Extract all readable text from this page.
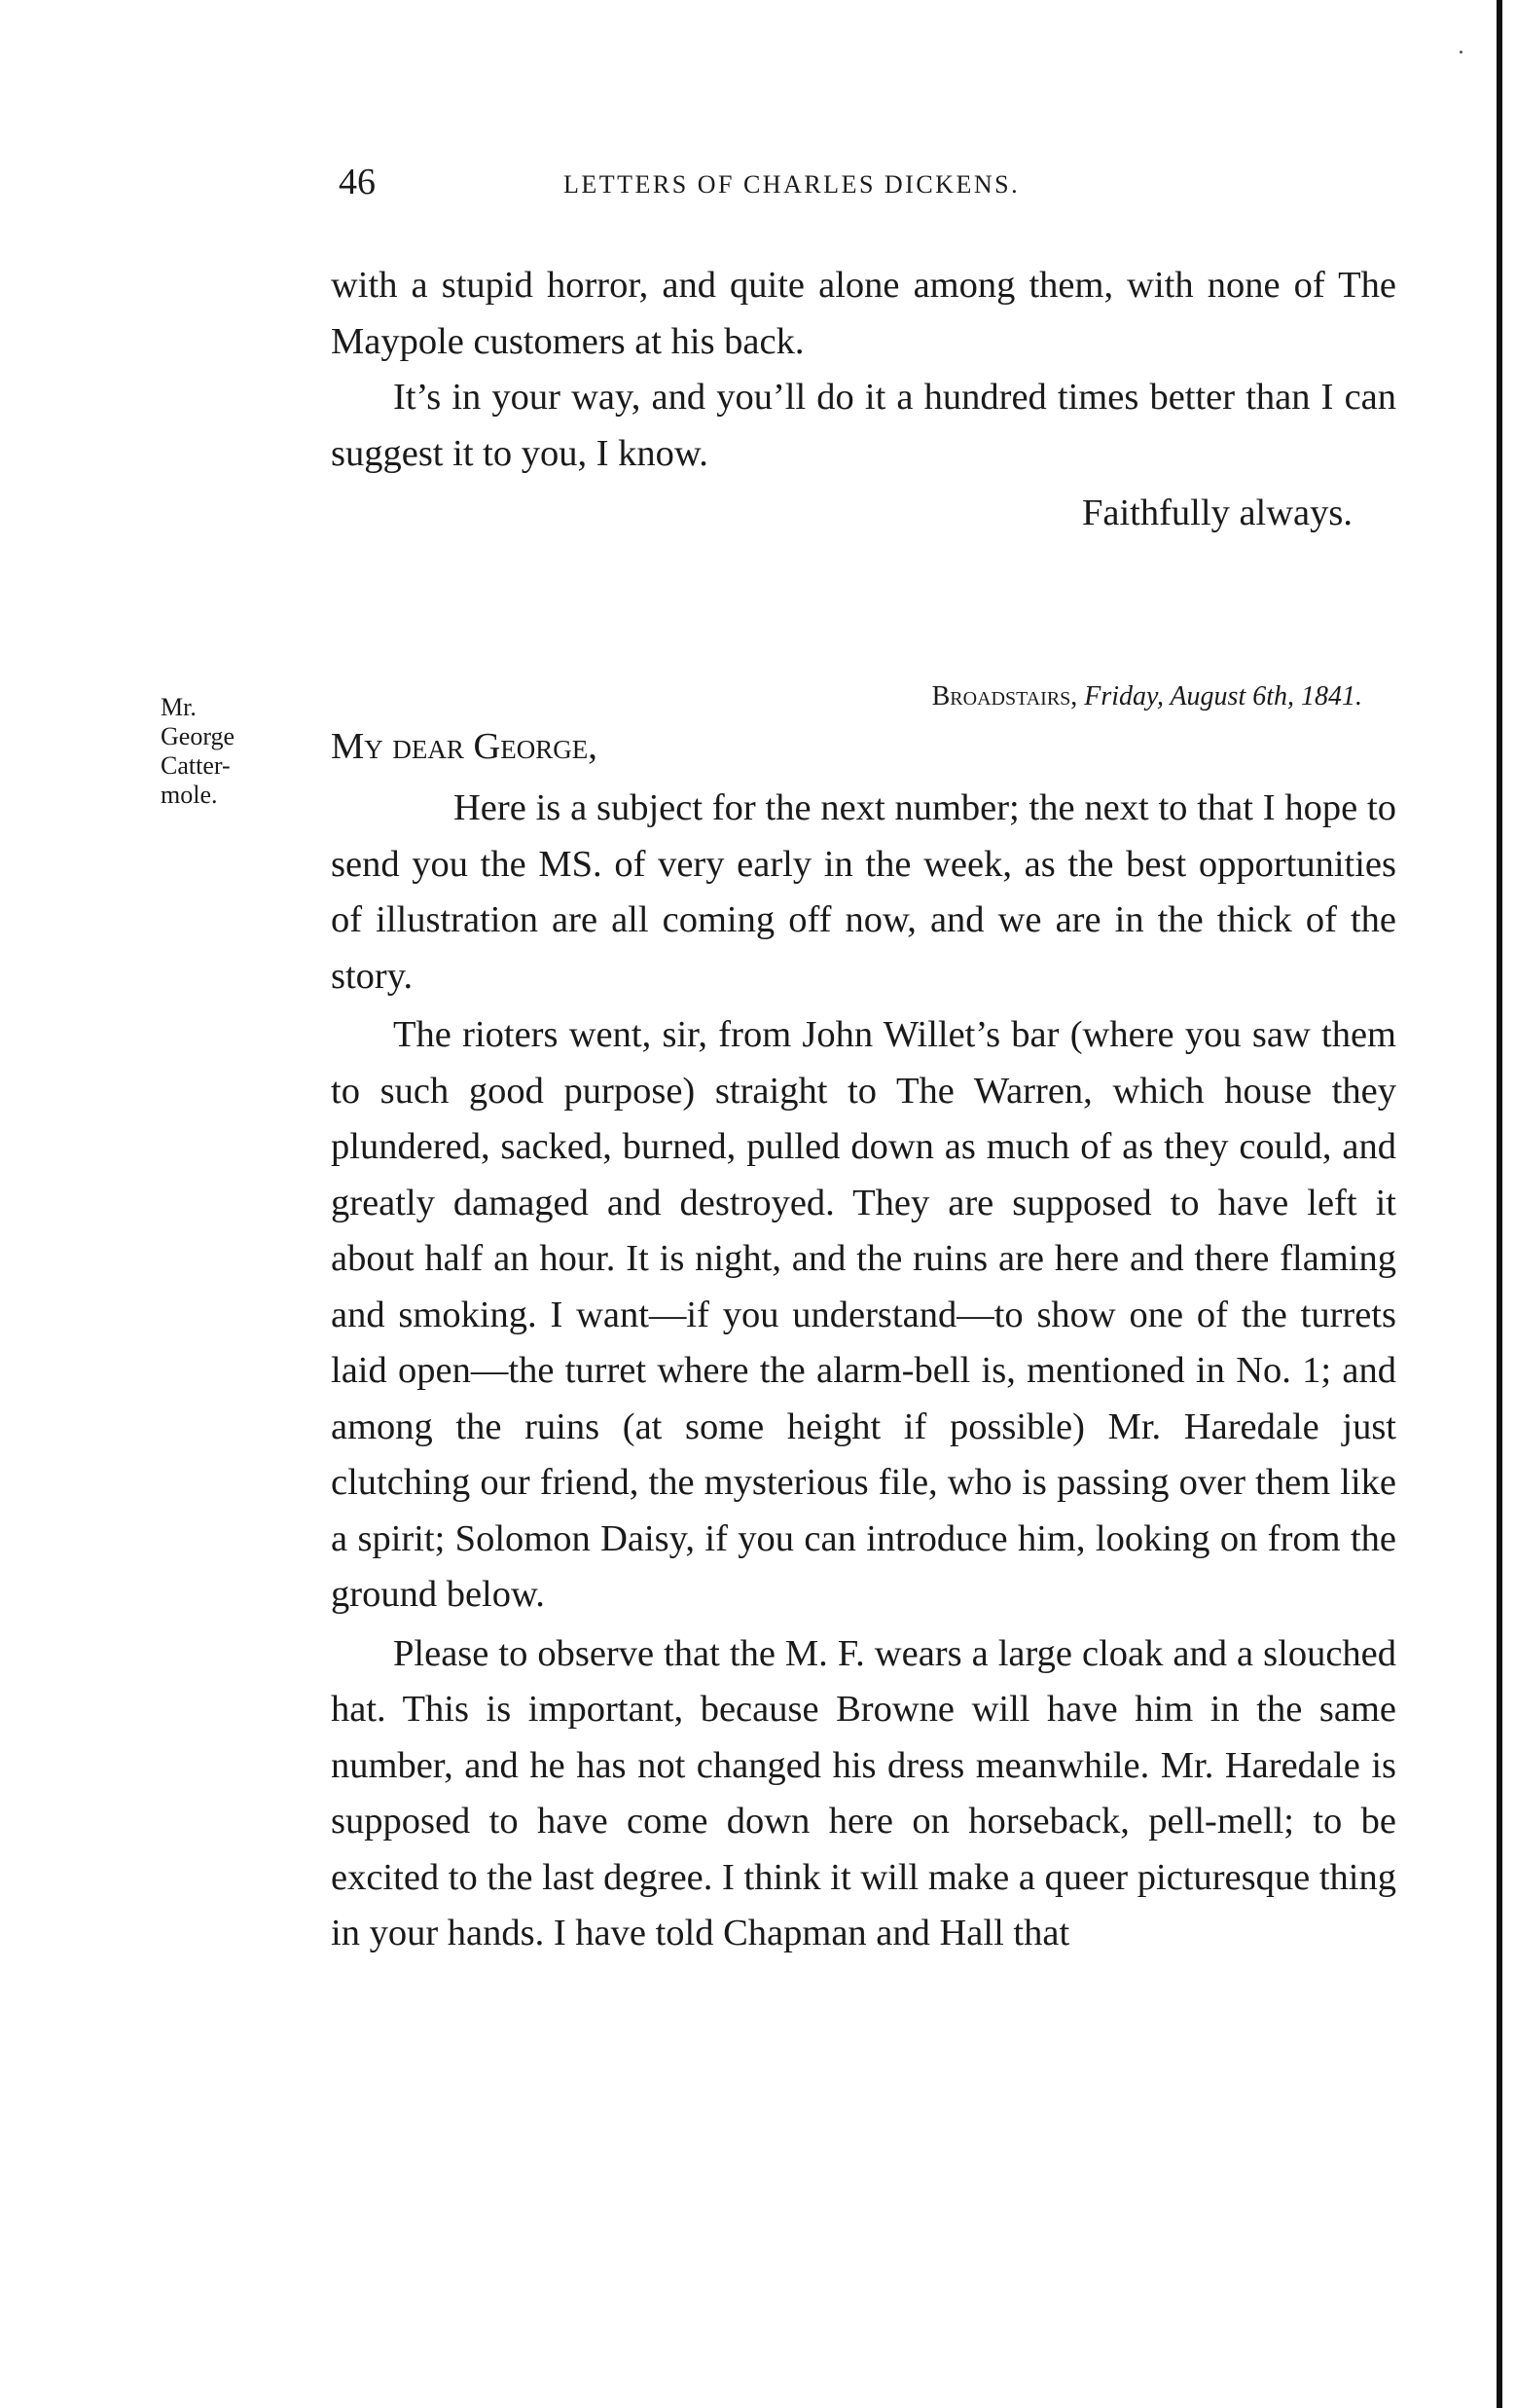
46	LETTERS OF CHARLES DICKENS.

with a stupid horror, and quite alone among them, with none of The Maypole customers at his back.

It’s in your way, and you’ll do it a hundred times better than I can suggest it to you, I know.

Faithfully always.
Mr.
George
Catter-
mole.
Broadstairs, Friday, August 6th, 1841.
My dear George,

Here is a subject for the next number; the next to that I hope to send you the MS. of very early in the week, as the best opportunities of illustration are all coming off now, and we are in the thick of the story.

The rioters went, sir, from John Willet’s bar (where you saw them to such good purpose) straight to The Warren, which house they plundered, sacked, burned, pulled down as much of as they could, and greatly damaged and destroyed. They are supposed to have left it about half an hour. It is night, and the ruins are here and there flaming and smoking. I want—if you understand—to show one of the turrets laid open—the turret where the alarm-bell is, mentioned in No. 1; and among the ruins (at some height if possible) Mr. Haredale just clutching our friend, the mysterious file, who is passing over them like a spirit; Solomon Daisy, if you can introduce him, looking on from the ground below.

Please to observe that the M. F. wears a large cloak and a slouched hat. This is important, because Browne will have him in the same number, and he has not changed his dress meanwhile. Mr. Haredale is supposed to have come down here on horseback, pell-mell; to be excited to the last degree. I think it will make a queer picturesque thing in your hands. I have told Chapman and Hall that
